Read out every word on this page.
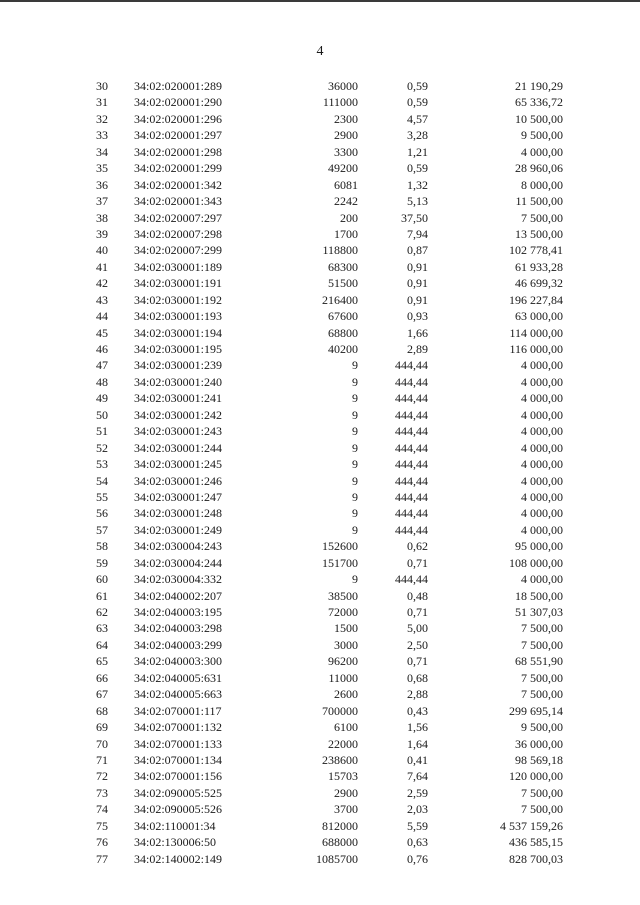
4
30 34:02:020001:289	36000	0,59	21 190,29
31 34:02:020001:290	111000	0,59	65 336,72
32 34:02:020001:296	2300	4,57	10 500,00
33 34:02:020001:297	2900	3,28	9 500,00
34 34:02:020001:298	3300	1,21	4 000,00
35 34:02:020001:299	49200	0,59	28 960,06
36 34:02:020001:342	6081	1,32	8 000,00
37 34:02:020001:343	2242	5,13	11 500,00
38 34:02:020007:297	200	37,50	7 500,00
39 34:02:020007:298	1700	7,94	13 500,00
40 34:02:020007:299	118800	0,87	102 778,41
41 34:02:030001:189	68300	0,91	61 933,28
42 34:02:030001:191	51500	0,91	46 699,32
43 34:02:030001:192	216400	0,91	196 227,84
44 34:02:030001:193	67600	0,93	63 000,00
45 34:02:030001:194	68800	1,66	114 000,00
46 34:02:030001:195	40200	2,89	116 000,00
47 34:02:030001:239	9	444,44	4 000,00
48 34:02:030001:240	9	444,44	4 000,00
49 34:02:030001:241	9	444,44	4 000,00
50 34:02:030001:242	9	444,44	4 000,00
51 34:02:030001:243	9	444,44	4 000,00
52 34:02:030001:244	9	444,44	4 000,00
53 34:02:030001:245	9	444,44	4 000,00
54 34:02:030001:246	9	444,44	4 000,00
55 34:02:030001:247	9	444,44	4 000,00
56 34:02:030001:248	9	444,44	4 000,00
57 34:02:030001:249	9	444,44	4 000,00
58 34:02:030004:243	152600	0,62	95 000,00
59 34:02:030004:244	151700	0,71	108 000,00
60 34:02:030004:332	9	444,44	4 000,00
61 34:02:040002:207	38500	0,48	18 500,00
62 34:02:040003:195	72000	0,71	51 307,03
63 34:02:040003:298	1500	5,00	7 500,00
64 34:02:040003:299	3000	2,50	7 500,00
65 34:02:040003:300	96200	0,71	68 551,90
66 34:02:040005:631	11000	0,68	7 500,00
67 34:02:040005:663	2600	2,88	7 500,00
68 34:02:070001:117	700000	0,43	299 695,14
69 34:02:070001:132	6100	1,56	9 500,00
70 34:02:070001:133	22000	1,64	36 000,00
71 34:02:070001:134	238600	0,41	98 569,18
72 34:02:070001:156	15703	7,64	120 000,00
73 34:02:090005:525	2900	2,59	7 500,00
74 34:02:090005:526	3700	2,03	7 500,00
75 34:02:110001:34	812000	5,59	4 537 159,26
76 34:02:130006:50	688000	0,63	436 585,15
77 34:02:140002:149	1085700	0,76	828 700,03
